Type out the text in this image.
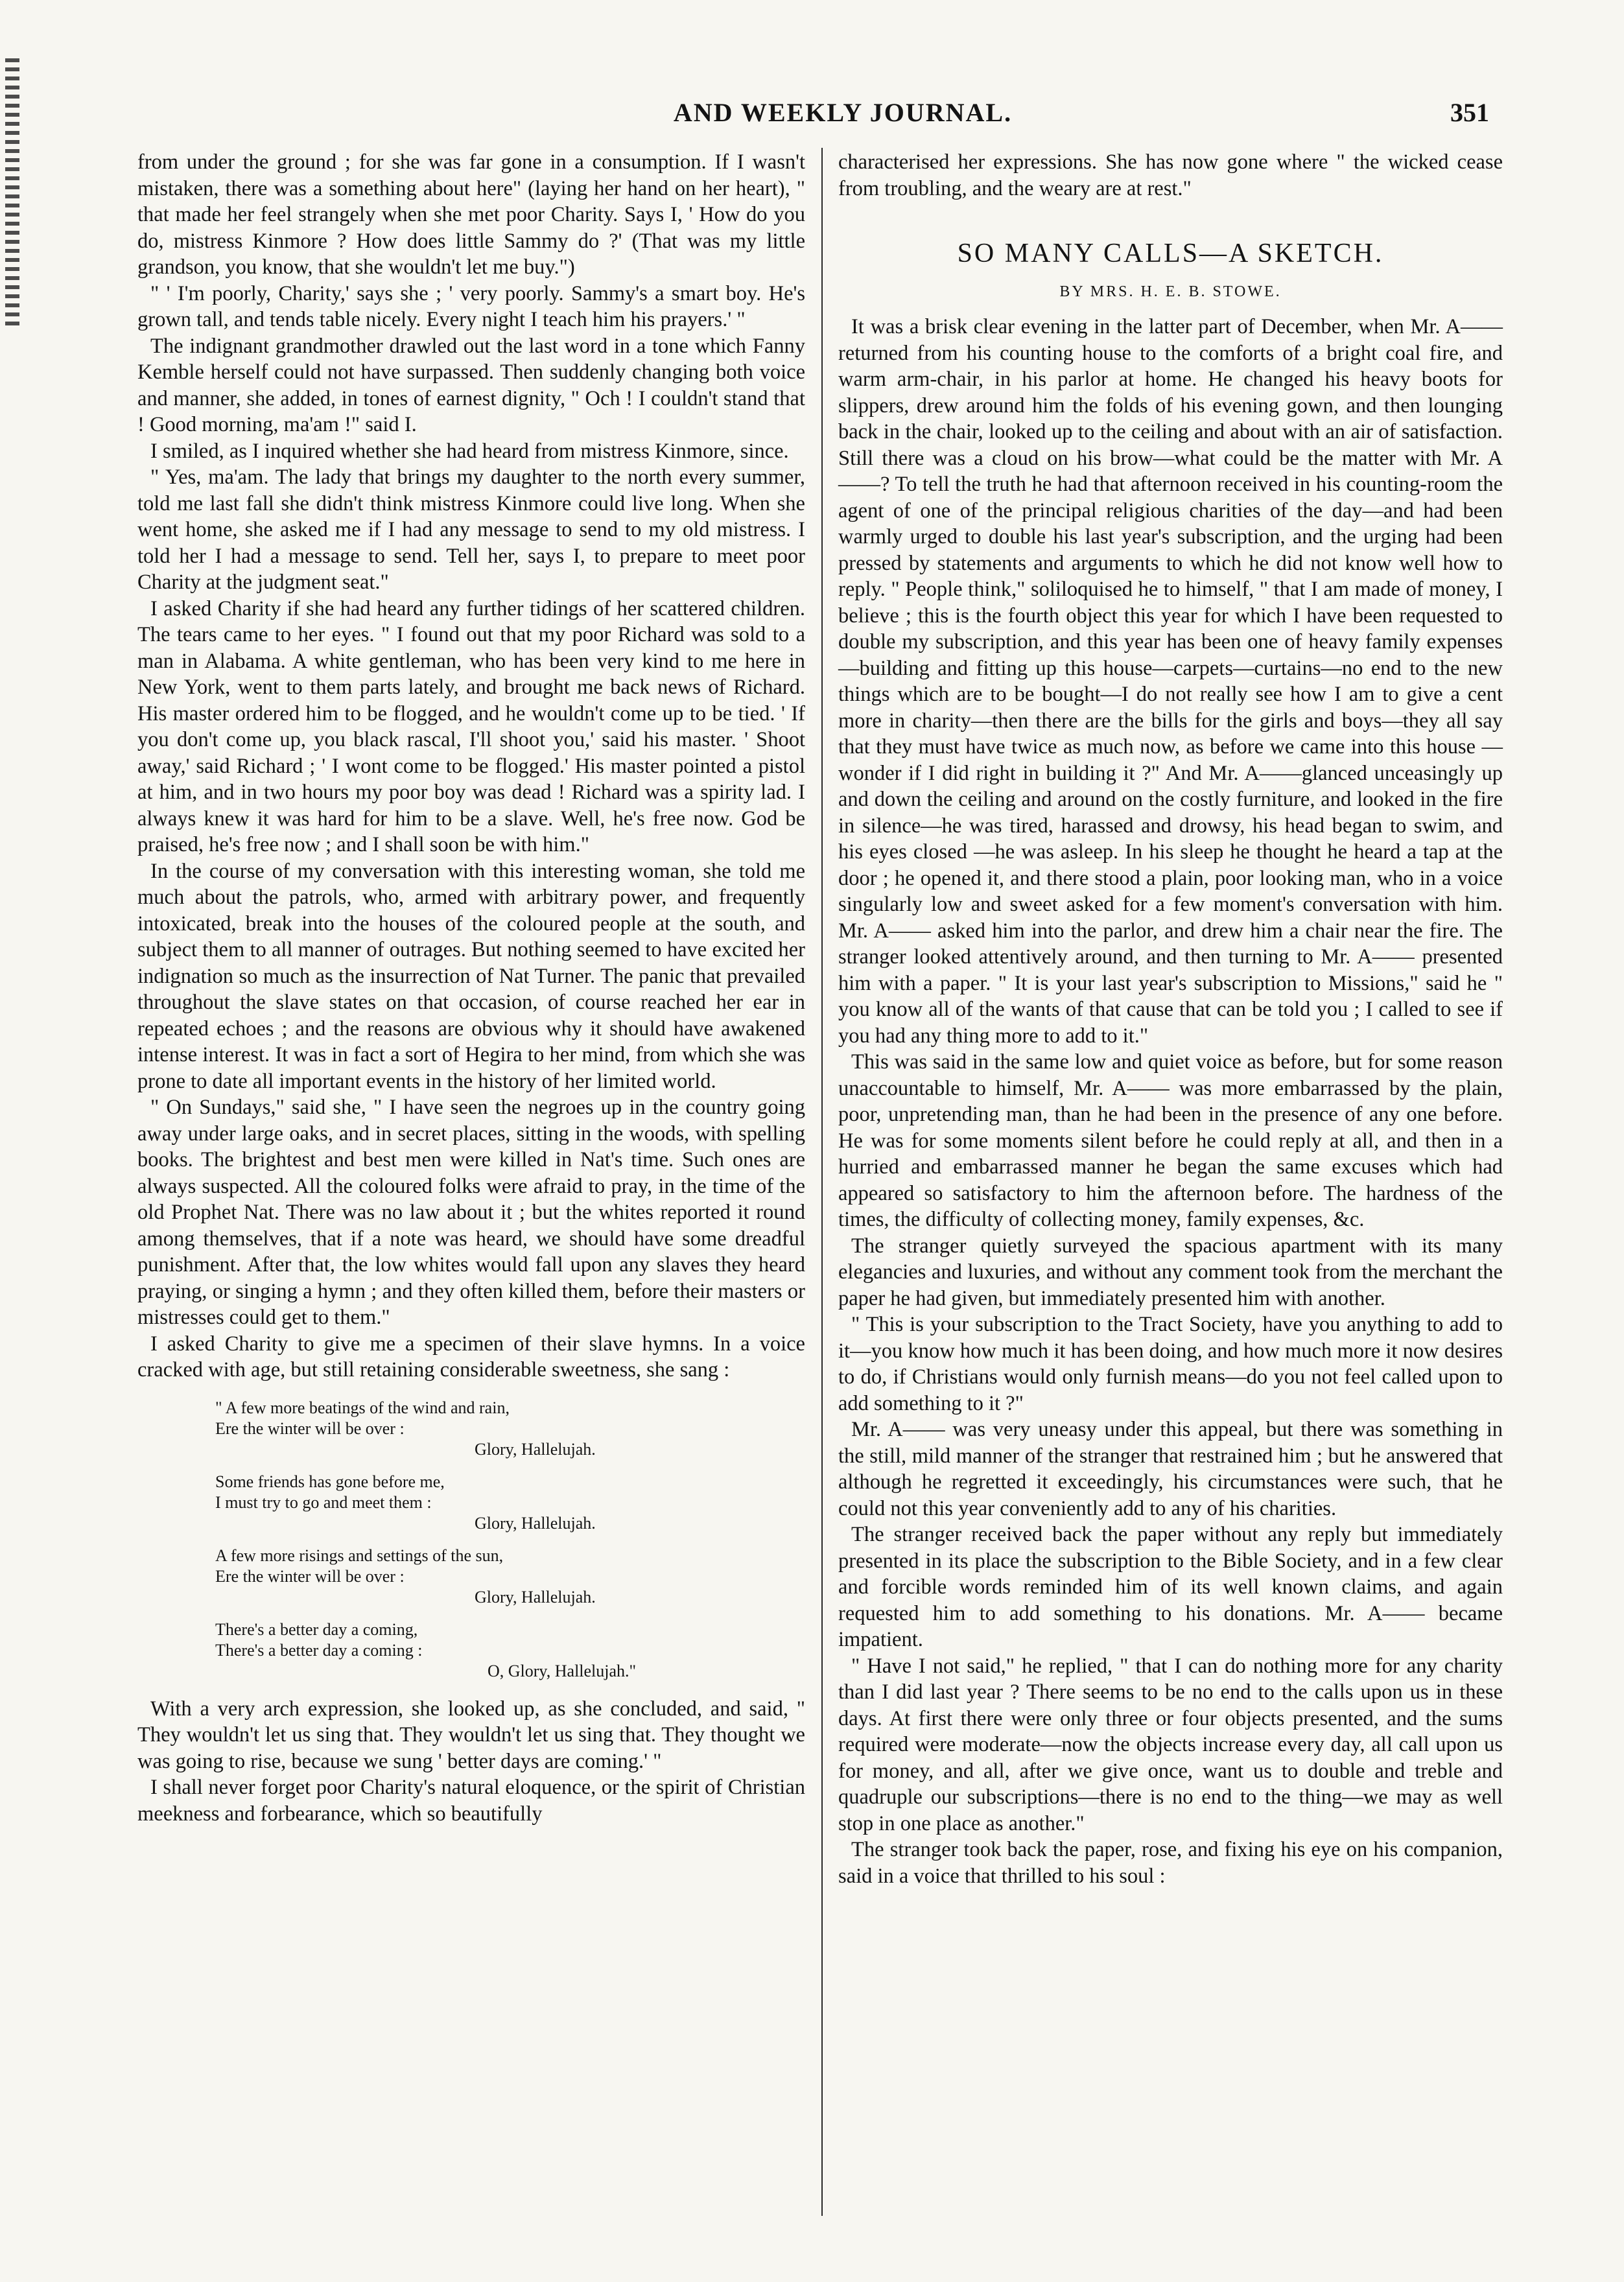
AND WEEKLY JOURNAL.	351

from under the ground ; for she was far gone in a consumption. If I wasn't mistaken, there was a something about here" (laying her hand on her heart), " that made her feel strangely when she met poor Charity. Says I, ' How do you do, mistress Kinmore ? How does little Sammy do ?' (That was my little grandson, you know, that she wouldn't let me buy.")

" ' I'm poorly, Charity,' says she ; ' very poorly. Sammy's a smart boy. He's grown tall, and tends table nicely. Every night I teach him his prayers.' "

The indignant grandmother drawled out the last word in a tone which Fanny Kemble herself could not have surpassed. Then suddenly changing both voice and manner, she added, in tones of earnest dignity, " Och ! I couldn't stand that ! Good morning, ma'am !" said I.

I smiled, as I inquired whether she had heard from mistress Kinmore, since.

" Yes, ma'am. The lady that brings my daughter to the north every summer, told me last fall she didn't think mistress Kinmore could live long. When she went home, she asked me if I had any message to send to my old mistress. I told her I had a message to send. Tell her, says I, to prepare to meet poor Charity at the judgment seat."

I asked Charity if she had heard any further tidings of her scattered children. The tears came to her eyes. " I found out that my poor Richard was sold to a man in Alabama. A white gentleman, who has been very kind to me here in New York, went to them parts lately, and brought me back news of Richard. His master ordered him to be flogged, and he wouldn't come up to be tied. ' If you don't come up, you black rascal, I'll shoot you,' said his master. ' Shoot away,' said Richard ; ' I wont come to be flogged.' His master pointed a pistol at him, and in two hours my poor boy was dead ! Richard was a spirity lad. I always knew it was hard for him to be a slave. Well, he's free now. God be praised, he's free now ; and I shall soon be with him."

In the course of my conversation with this interesting woman, she told me much about the patrols, who, armed with arbitrary power, and frequently intoxicated, break into the houses of the coloured people at the south, and subject them to all manner of outrages. But nothing seemed to have excited her indignation so much as the insurrection of Nat Turner. The panic that prevailed throughout the slave states on that occasion, of course reached her ear in repeated echoes ; and the reasons are obvious why it should have awakened intense interest. It was in fact a sort of Hegira to her mind, from which she was prone to date all important events in the history of her limited world.

" On Sundays," said she, " I have seen the negroes up in the country going away under large oaks, and in secret places, sitting in the woods, with spelling books. The brightest and best men were killed in Nat's time. Such ones are always suspected. All the coloured folks were afraid to pray, in the time of the old Prophet Nat. There was no law about it ; but the whites reported it round among themselves, that if a note was heard, we should have some dreadful punishment. After that, the low whites would fall upon any slaves they heard praying, or singing a hymn ; and they often killed them, before their masters or mistresses could get to them."

I asked Charity to give me a specimen of their slave hymns. In a voice cracked with age, but still retaining considerable sweetness, she sang :

" A few more beatings of the wind and rain,
Ere the winter will be over :
Glory, Hallelujah.
Some friends has gone before me,
I must try to go and meet them :
Glory, Hallelujah.
A few more risings and settings of the sun,
Ere the winter will be over :
Glory, Hallelujah.
There's a better day a coming,
There's a better day a coming :
O, Glory, Hallelujah."

With a very arch expression, she looked up, as she concluded, and said, " They wouldn't let us sing that. They wouldn't let us sing that. They thought we was going to rise, because we sung ' better days are coming.' "

I shall never forget poor Charity's natural eloquence, or the spirit of Christian meekness and forbearance, which so beautifully

characterised her expressions. She has now gone where " the wicked cease from troubling, and the weary are at rest."

SO MANY CALLS—A SKETCH.
BY MRS. H. E. B. STOWE.

It was a brisk clear evening in the latter part of December, when Mr. A—— returned from his counting house to the comforts of a bright coal fire, and warm arm-chair, in his parlor at home. He changed his heavy boots for slippers, drew around him the folds of his evening gown, and then lounging back in the chair, looked up to the ceiling and about with an air of satisfaction. Still there was a cloud on his brow—what could be the matter with Mr. A——? To tell the truth he had that afternoon received in his counting-room the agent of one of the principal religious charities of the day—and had been warmly urged to double his last year's subscription, and the urging had been pressed by statements and arguments to which he did not know well how to reply. " People think," soliloquised he to himself, " that I am made of money, I believe ; this is the fourth object this year for which I have been requested to double my subscription, and this year has been one of heavy family expenses—building and fitting up this house—carpets—curtains—no end to the new things which are to be bought—I do not really see how I am to give a cent more in charity—then there are the bills for the girls and boys—they all say that they must have twice as much now, as before we came into this house —wonder if I did right in building it ?" And Mr. A——glanced unceasingly up and down the ceiling and around on the costly furniture, and looked in the fire in silence—he was tired, harassed and drowsy, his head began to swim, and his eyes closed —he was asleep. In his sleep he thought he heard a tap at the door ; he opened it, and there stood a plain, poor looking man, who in a voice singularly low and sweet asked for a few moment's conversation with him. Mr. A—— asked him into the parlor, and drew him a chair near the fire. The stranger looked attentively around, and then turning to Mr. A—— presented him with a paper. " It is your last year's subscription to Missions," said he " you know all of the wants of that cause that can be told you ; I called to see if you had any thing more to add to it."

This was said in the same low and quiet voice as before, but for some reason unaccountable to himself, Mr. A—— was more embarrassed by the plain, poor, unpretending man, than he had been in the presence of any one before. He was for some moments silent before he could reply at all, and then in a hurried and embarrassed manner he began the same excuses which had appeared so satisfactory to him the afternoon before. The hardness of the times, the difficulty of collecting money, family expenses, &c.

The stranger quietly surveyed the spacious apartment with its many elegancies and luxuries, and without any comment took from the merchant the paper he had given, but immediately presented him with another.

" This is your subscription to the Tract Society, have you anything to add to it—you know how much it has been doing, and how much more it now desires to do, if Christians would only furnish means—do you not feel called upon to add something to it ?"

Mr. A—— was very uneasy under this appeal, but there was something in the still, mild manner of the stranger that restrained him ; but he answered that although he regretted it exceedingly, his circumstances were such, that he could not this year conveniently add to any of his charities.

The stranger received back the paper without any reply but immediately presented in its place the subscription to the Bible Society, and in a few clear and forcible words reminded him of its well known claims, and again requested him to add something to his donations. Mr. A—— became impatient.

" Have I not said," he replied, " that I can do nothing more for any charity than I did last year ? There seems to be no end to the calls upon us in these days. At first there were only three or four objects presented, and the sums required were moderate—now the objects increase every day, all call upon us for money, and all, after we give once, want us to double and treble and quadruple our subscriptions—there is no end to the thing—we may as well stop in one place as another."

The stranger took back the paper, rose, and fixing his eye on his companion, said in a voice that thrilled to his soul :
